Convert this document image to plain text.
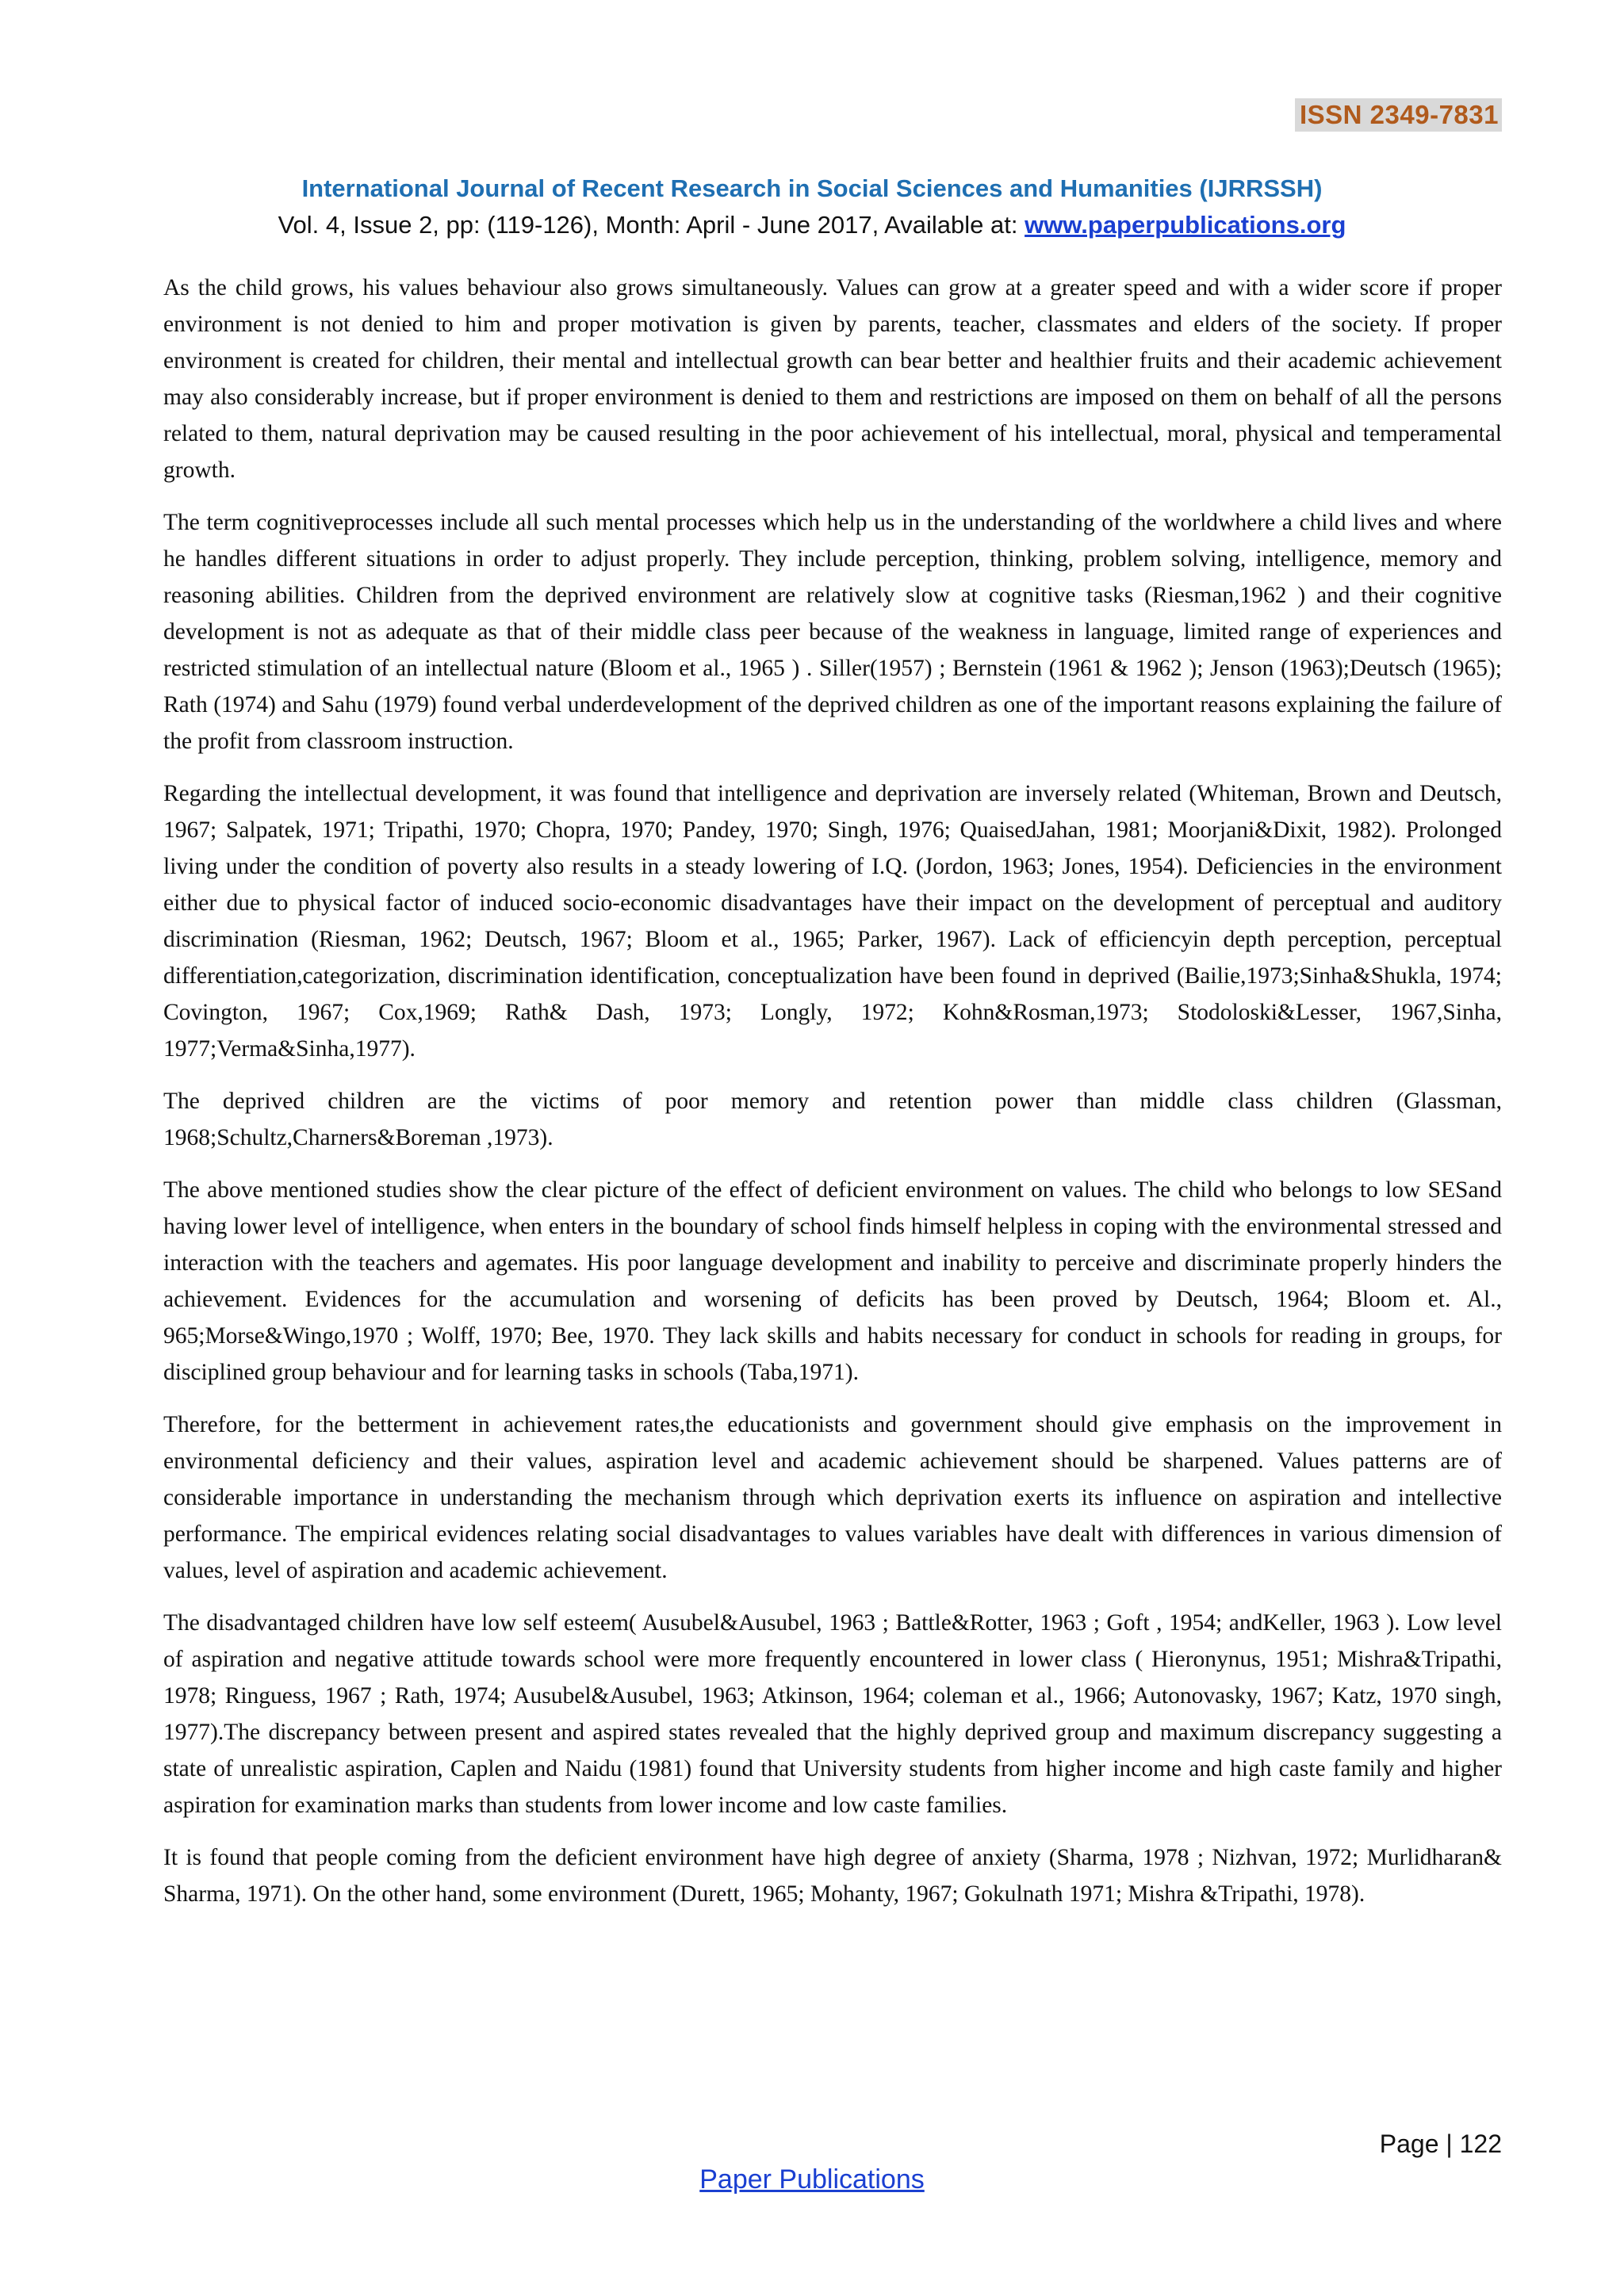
ISSN 2349-7831
International Journal of Recent Research in Social Sciences and Humanities (IJRRSSH)
Vol. 4, Issue 2, pp: (119-126), Month: April - June 2017, Available at: www.paperpublications.org

As the child grows, his values behaviour also grows simultaneously. Values can grow at a greater speed and with a wider score if proper environment is not denied to him and proper motivation is given by parents, teacher, classmates and elders of the society. If proper environment is created for children, their mental and intellectual growth can bear better and healthier fruits and their academic achievement may also considerably increase, but if proper environment is denied to them and restrictions are imposed on them on behalf of all the persons related to them, natural deprivation may be caused resulting in the poor achievement of his intellectual, moral, physical and temperamental growth.

The term cognitiveprocesses include all such mental processes which help us in the understanding of the worldwhere a child lives and where he handles different situations in order to adjust properly. They include perception, thinking, problem solving, intelligence, memory and reasoning abilities. Children from the deprived environment are relatively slow at cognitive tasks (Riesman,1962 ) and their cognitive development is not as adequate as that of their middle class peer because of the weakness in language, limited range of experiences and restricted stimulation of an intellectual nature (Bloom et al., 1965 ) . Siller(1957) ; Bernstein (1961 & 1962 ); Jenson (1963);Deutsch (1965); Rath (1974) and Sahu (1979) found verbal underdevelopment of the deprived children as one of the important reasons explaining the failure of the profit from classroom instruction.

Regarding the intellectual development, it was found that intelligence and deprivation are inversely related (Whiteman, Brown and Deutsch, 1967; Salpatek, 1971; Tripathi, 1970; Chopra, 1970; Pandey, 1970; Singh, 1976; QuaisedJahan, 1981; Moorjani&Dixit, 1982). Prolonged living under the condition of poverty also results in a steady lowering of I.Q. (Jordon, 1963; Jones, 1954). Deficiencies in the environment either due to physical factor of induced socio-economic disadvantages have their impact on the development of perceptual and auditory discrimination (Riesman, 1962; Deutsch, 1967; Bloom et al., 1965; Parker, 1967). Lack of efficiencyin depth perception, perceptual differentiation,categorization, discrimination identification, conceptualization have been found in deprived (Bailie,1973;Sinha&Shukla, 1974; Covington, 1967; Cox,1969; Rath& Dash, 1973; Longly, 1972; Kohn&Rosman,1973; Stodoloski&Lesser, 1967,Sinha, 1977;Verma&Sinha,1977).

The deprived children are the victims of poor memory and retention power than middle class children (Glassman, 1968;Schultz,Charners&Boreman ,1973).

The above mentioned studies show the clear picture of the effect of deficient environment on values. The child who belongs to low SESand having lower level of intelligence, when enters in the boundary of school finds himself helpless in coping with the environmental stressed and interaction with the teachers and agemates. His poor language development and inability to perceive and discriminate properly hinders the achievement. Evidences for the accumulation and worsening of deficits has been proved by Deutsch, 1964; Bloom et. Al., 965;Morse&Wingo,1970 ; Wolff, 1970; Bee, 1970. They lack skills and habits necessary for conduct in schools for reading in groups, for disciplined group behaviour and for learning tasks in schools (Taba,1971).

Therefore, for the betterment in achievement rates,the educationists and government should give emphasis on the improvement in environmental deficiency and their values, aspiration level and academic achievement should be sharpened. Values patterns are of considerable importance in understanding the mechanism through which deprivation exerts its influence on aspiration and intellective performance. The empirical evidences relating social disadvantages to values variables have dealt with differences in various dimension of values, level of aspiration and academic achievement.

The disadvantaged children have low self esteem( Ausubel&Ausubel, 1963 ; Battle&Rotter, 1963 ; Goft , 1954; andKeller, 1963 ). Low level of aspiration and negative attitude towards school were more frequently encountered in lower class ( Hieronynus, 1951; Mishra&Tripathi, 1978; Ringuess, 1967 ; Rath, 1974; Ausubel&Ausubel, 1963; Atkinson, 1964; coleman et al., 1966; Autonovasky, 1967; Katz, 1970 singh, 1977).The discrepancy between present and aspired states revealed that the highly deprived group and maximum discrepancy suggesting a state of unrealistic aspiration, Caplen and Naidu (1981) found that University students from higher income and high caste family and higher aspiration for examination marks than students from lower income and low caste families.

It is found that people coming from the deficient environment have high degree of anxiety (Sharma, 1978 ; Nizhvan, 1972; Murlidharan& Sharma, 1971). On the other hand, some environment (Durett, 1965; Mohanty, 1967; Gokulnath 1971; Mishra &Tripathi, 1978).

Page | 122
Paper Publications
